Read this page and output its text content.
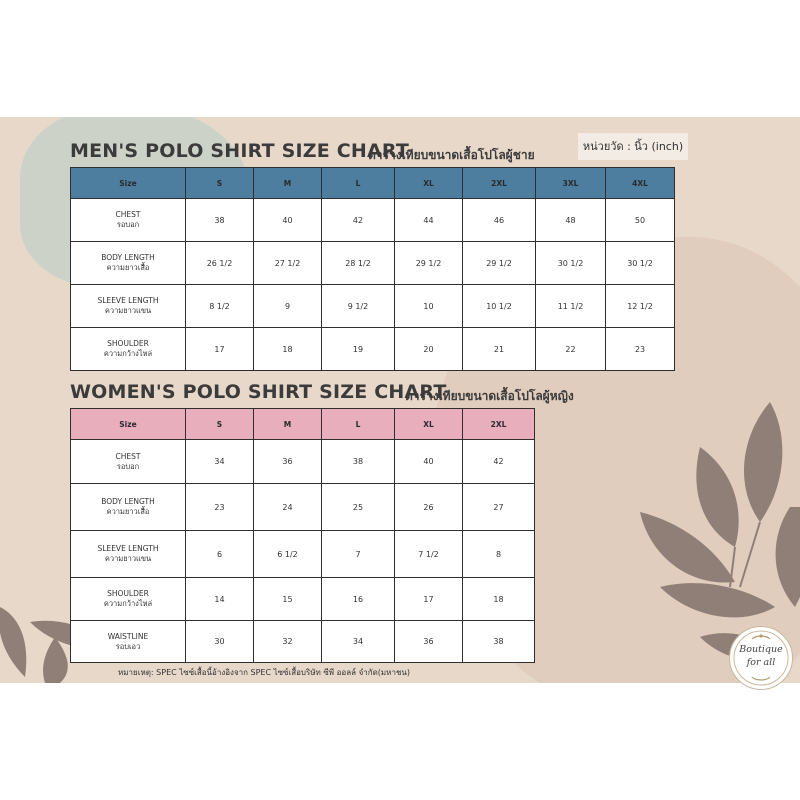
MEN'S POLO SHIRT SIZE CHART
ตารางเทียบขนาดเสื้อโปโลผู้ชาย
หน่วยวัด : นิ้ว (inch)
Size	S	M	L	XL	2XL	3XL	4XL

CHEST
รอบอก	38	40	42	44	46	48	50

BODY LENGTH
ความยาวเสื้อ	26 1/2	27 1/2	28 1/2	29 1/2	29 1/2	30 1/2	30 1/2

SLEEVE LENGTH
ความยาวแขน	8 1/2	9	9 1/2	10	10 1/2	11 1/2	12 1/2

SHOULDER
ความกว้างไหล่	17	18	19	20	21	22	23
WOMEN'S POLO SHIRT SIZE CHART
ตารางเทียบขนาดเสื้อโปโลผู้หญิง
Size	S	M	L	XL	2XL

CHEST
รอบอก	34	36	38	40	42

BODY LENGTH
ความยาวเสื้อ	23	24	25	26	27

SLEEVE LENGTH
ความยาวแขน	6	6 1/2	7	7 1/2	8

SHOULDER
ความกว้างไหล่	14	15	16	17	18

WAISTLINE
รอบเอว	30	32	34	36	38
หมายเหตุ: SPEC ไซซ์เสื้อนี้อ้างอิงจาก SPEC ไซซ์เสื้อบริษัท ซีพี ออลล์ จำกัด(มหาชน)
Boutique
for all
